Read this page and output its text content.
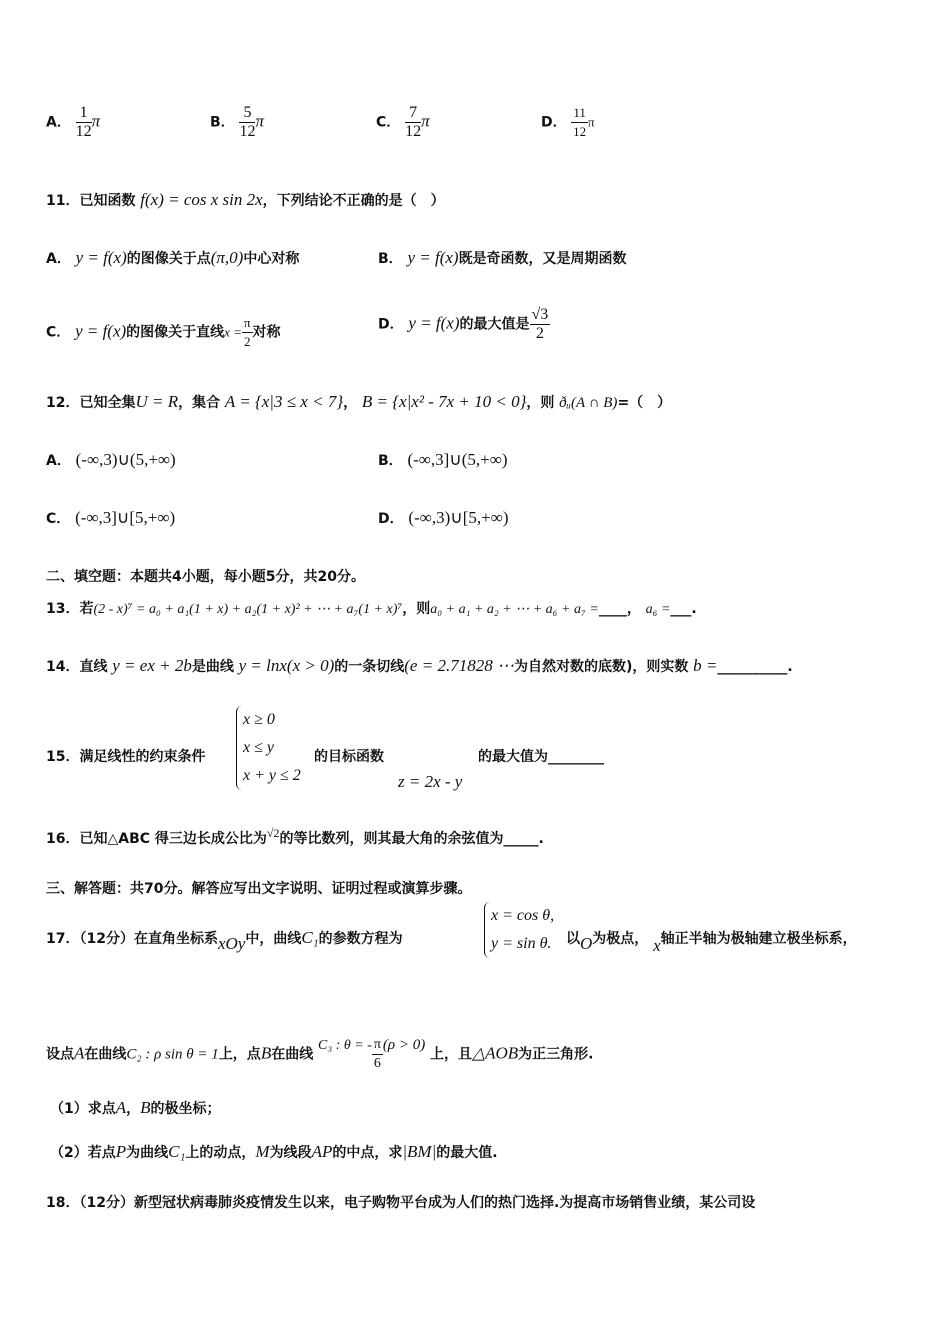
A． $\frac{1}{12}$ π	B． $\frac{5}{12}$ π	C． $\frac{7}{12}$ π	D． $\frac{11}{12}$ π
11．已知函数 f(x) = cos x sin 2x，下列结论不正确的是（　）
A． y = f(x)的图像关于点(π,0)中心对称	B． y = f(x)既是奇函数，又是周期函数
C． y = f(x)的图像关于直线$x = \frac{\pi}{2}$ 对称	D． y = f(x)的最大值是 $\frac{√3}{2}$
12．已知全集U = R，集合 A = {x|3 ≤ x < 7}， B = {x|x² - 7x + 10 < 0}，则 ðᵤ(A ∩ B)=（　）
A． (-∞,3)∪(5,+∞)	B． (-∞,3]∪(5,+∞)
C． (-∞,3]∪[5,+∞)	D． (-∞,3)∪[5,+∞)
二、填空题：本题共4小题，每小题5分，共20分。
13．若(2 - x)⁷ = a₀ + a₁(1 + x) + a₂(1 + x)² + ⋯ + a₇(1 + x)⁷，则a₀ + a₁ + a₂ + ⋯ + a₆ + a₇ =____， a₆ =___.
14．直线 y = ex + 2b是曲线 y = lnx(x > 0)的一条切线(e = 2.71828 ⋯为自然对数的底数)，则实数 b =__________.
15．满足线性的约束条件
x ≥ 0
x ≤ y
x + y ≤ 2
的目标函数	的最大值为________
z = 2x - y
16．已知△ABC 得三边长成公比为$^{√2}$的等比数列，则其最大角的余弦值为_____.
三、解答题：共70分。解答应写出文字说明、证明过程或演算步骤。
17．（12分）在直角坐标系xOy中，曲线C₁的参数方程为
x = cos θ,
y = sin θ. 以O为极点， x轴正半轴为极轴建立极坐标系，
设点A在曲线C₂ : ρ sin θ = 1上，点B在曲线 C₃ : θ = - $\frac{\pi}{6} (\rho > 0)$ 上，且△AOB为正三角形.
（1）求点A，B的极坐标；
（2）若点P为曲线C₁上的动点，M为线段AP的中点，求|BM|的最大值.
18．（12分）新型冠状病毒肺炎疫情发生以来，电子购物平台成为人们的热门选择.为提高市场销售业绩，某公司设
